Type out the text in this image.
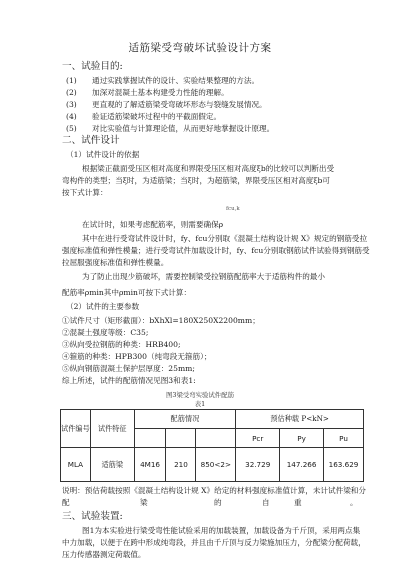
适筋梁受弯破坏试验设计方案
一、试验目的:
(1) 通过实践掌握试件的设计、实验结果整理的方法。
(2) 加深对混凝土基本构建受力性能的理解。
(3) 更直观的了解适筋梁受弯破坏形态与裂缝发展情况。
(4) 验证适筋梁破坏过程中的平截面假定。
(5) 对比实验值与计算理论值，从而更好地掌握设计原理。
二、试件设计
（1）试件设计的依据
根据梁正截面受压区相对高度和界限受压区相对高度ξb的比较可以判断出受
弯构件的类型；当ξ时，为适筋梁；当ξ时，为超筋梁，界限受压区相对高度ξb可
按下式计算：
fcu,k
在试计时，如果考虑配筋率，则需要确保ρ
其中在进行受弯试件设计时，fy、fcu分别取《混凝土结构设计规 X》规定的钢筋受拉
强度标准值和弹性模量；进行受弯试件加载设计时，fy、fcu分别取钢筋试件试验得到钢筋受
拉屈服强度标准值和弹性模量。
为了防止出现少筋破坏，需要控制梁受拉钢筋配筋率大于适筋构件的最小
配筋率ρmin其中ρmin可按下式计算：
（2）试件的主要参数
①试件尺寸（矩形截面）：bXhXl=180X250X2200mm；
②混凝土强度等级：C35;
③纵向受拉钢筋的种类：HRB400;
④箍筋的种类：HPB300（纯弯段无箍筋）；
⑤纵向钢筋混凝土保护层厚度：25mm;
综上所述，试件的配筋情况见图3和表1:
图3梁受弯实验试件配筋
表1
试件编号	试件特征	配筋情况			预估种载 P<kN>		
					Pcr	Py	Pu
MLA	适筋梁	4M16	210	850<2>	32.729	147.266	163.629
说明：预估荷载按照《混凝土结构设计规 X》给定的材料强度标准值计算，未计试件梁和分
配	梁	的	自	重	。
三、试验装置:
图1为本实验进行梁受弯性能试验采用的加载装置，加载设备为千斤顶，采用两点集
中力加载，以便于在跨中形成纯弯段，并且由千斤顶与反力梁施加压力，分配梁分配荷载，
压力传感器测定荷载值。
